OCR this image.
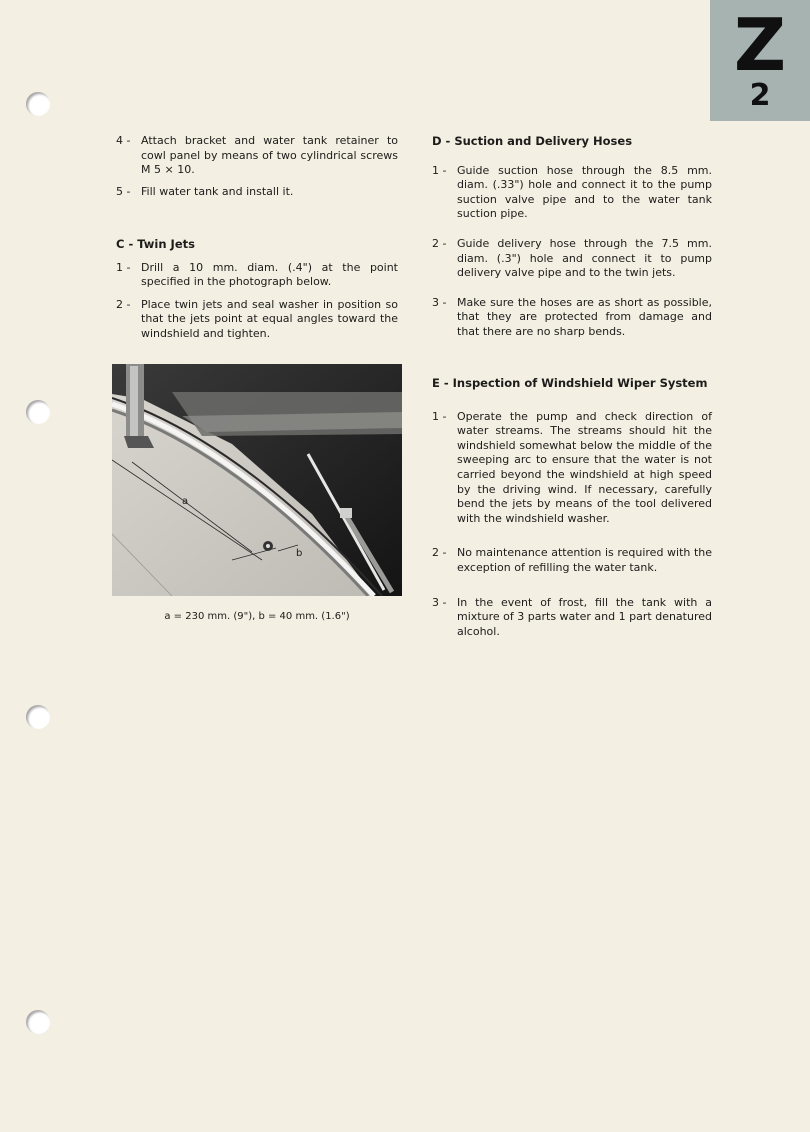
Z
2
4 - Attach bracket and water tank retainer to cowl panel by means of two cylindrical screws M 5 × 10.
5 - Fill water tank and install it.
C - Twin Jets
1 - Drill a 10 mm. diam. (.4") at the point specified in the photograph below.
2 - Place twin jets and seal washer in position so that the jets point at equal angles toward the windshield and tighten.
a
b
a = 230 mm. (9"), b = 40 mm. (1.6")
D - Suction and Delivery Hoses
1 - Guide suction hose through the 8.5 mm. diam. (.33") hole and connect it to the pump suction valve pipe and to the water tank suction pipe.
2 - Guide delivery hose through the 7.5 mm. diam. (.3") hole and connect it to pump delivery valve pipe and to the twin jets.
3 - Make sure the hoses are as short as possible, that they are protected from damage and that there are no sharp bends.
E - Inspection of Windshield Wiper System
1 - Operate the pump and check direction of water streams. The streams should hit the windshield somewhat below the middle of the sweeping arc to ensure that the water is not carried beyond the windshield at high speed by the driving wind. If necessary, carefully bend the jets by means of the tool delivered with the windshield washer.
2 - No maintenance attention is required with the exception of refilling the water tank.
3 - In the event of frost, fill the tank with a mixture of 3 parts water and 1 part denatured alcohol.
